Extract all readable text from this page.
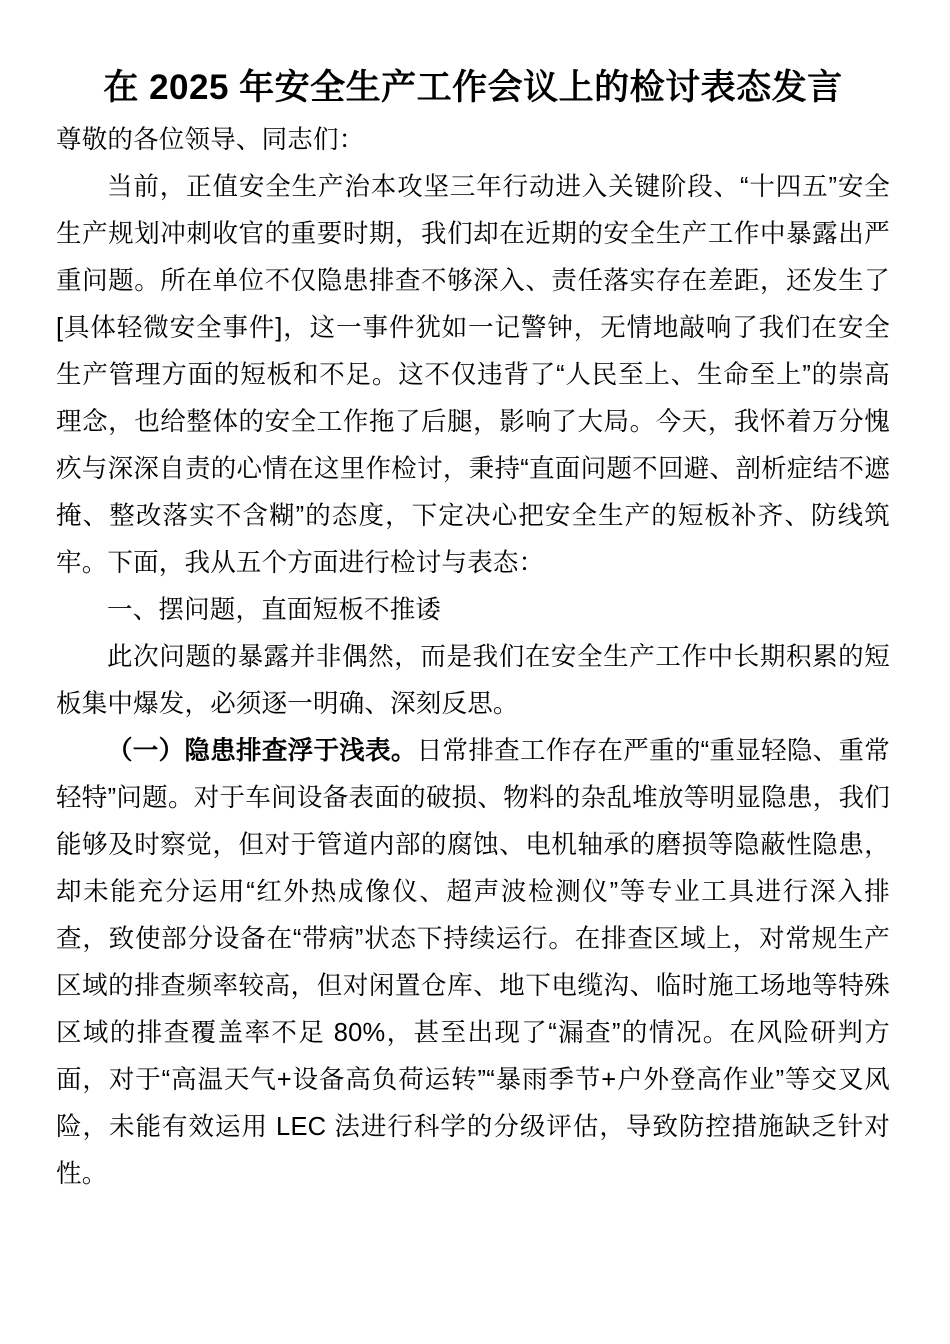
在 2025 年安全生产工作会议上的检讨表态发言

尊敬的各位领导、同志们：

当前，正值安全生产治本攻坚三年行动进入关键阶段、“十四五”安全生产规划冲刺收官的重要时期，我们却在近期的安全生产工作中暴露出严重问题。所在单位不仅隐患排查不够深入、责任落实存在差距，还发生了[具体轻微安全事件]，这一事件犹如一记警钟，无情地敲响了我们在安全生产管理方面的短板和不足。这不仅违背了“人民至上、生命至上”的崇高理念，也给整体的安全工作拖了后腿，影响了大局。今天，我怀着万分愧疚与深深自责的心情在这里作检讨，秉持“直面问题不回避、剖析症结不遮掩、整改落实不含糊”的态度，下定决心把安全生产的短板补齐、防线筑牢。下面，我从五个方面进行检讨与表态：

一、摆问题，直面短板不推诿

此次问题的暴露并非偶然，而是我们在安全生产工作中长期积累的短板集中爆发，必须逐一明确、深刻反思。

（一）隐患排查浮于浅表。日常排查工作存在严重的“重显轻隐、重常轻特”问题。对于车间设备表面的破损、物料的杂乱堆放等明显隐患，我们能够及时察觉，但对于管道内部的腐蚀、电机轴承的磨损等隐蔽性隐患，却未能充分运用“红外热成像仪、超声波检测仪”等专业工具进行深入排查，致使部分设备在“带病”状态下持续运行。在排查区域上，对常规生产区域的排查频率较高，但对闲置仓库、地下电缆沟、临时施工场地等特殊区域的排查覆盖率不足 80%，甚至出现了“漏查”的情况。在风险研判方面，对于“高温天气+设备高负荷运转”“暴雨季节+户外登高作业”等交叉风险，未能有效运用 LEC 法进行科学的分级评估，导致防控措施缺乏针对性。
